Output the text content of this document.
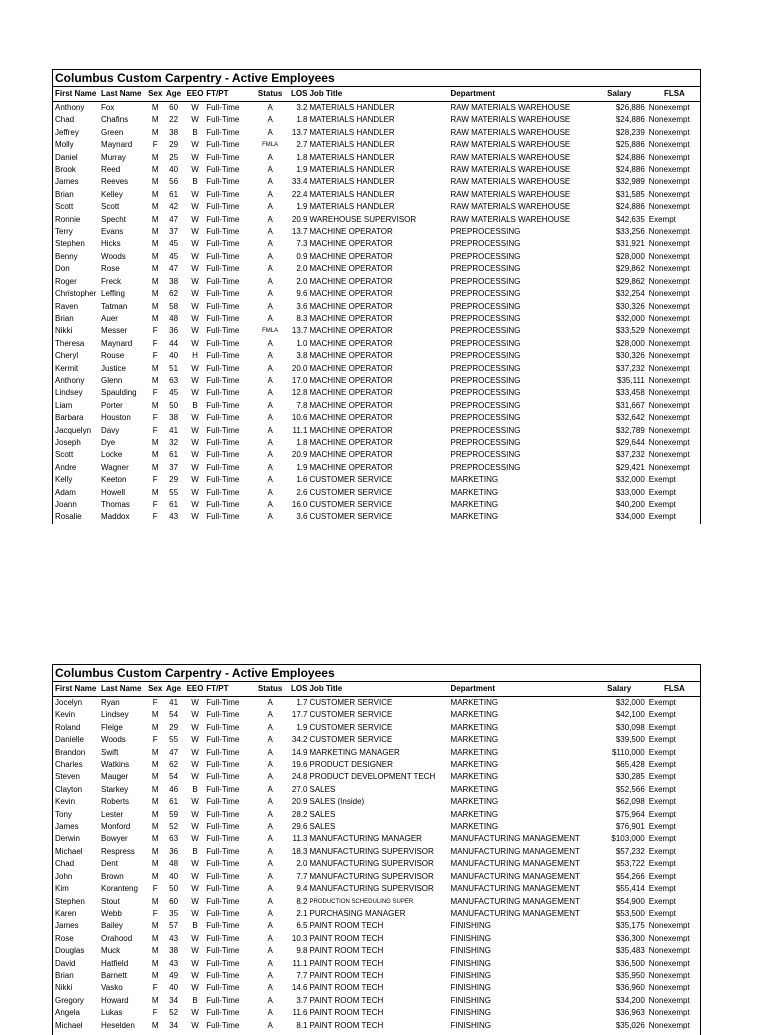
Columbus Custom Carpentry - Active Employees
First Name	Last Name	Sex	Age	EEO	FT/PT	Status	LOS	Job Title	Department	Salary	FLSA
Anthony	Fox	M	60	W	Full-Time	A	3.2	MATERIALS HANDLER	RAW MATERIALS WAREHOUSE	$26,886	Nonexempt
Chad	Chafins	M	22	W	Full-Time	A	1.8	MATERIALS HANDLER	RAW MATERIALS WAREHOUSE	$24,886	Nonexempt
Jeffrey	Green	M	38	B	Full-Time	A	13.7	MATERIALS HANDLER	RAW MATERIALS WAREHOUSE	$28,239	Nonexempt
Molly	Maynard	F	29	W	Full-Time	FMLA	2.7	MATERIALS HANDLER	RAW MATERIALS WAREHOUSE	$25,886	Nonexempt
Daniel	Murray	M	25	W	Full-Time	A	1.8	MATERIALS HANDLER	RAW MATERIALS WAREHOUSE	$24,886	Nonexempt
Brook	Reed	M	40	W	Full-Time	A	1.9	MATERIALS HANDLER	RAW MATERIALS WAREHOUSE	$24,886	Nonexempt
James	Reeves	M	56	B	Full-Time	A	33.4	MATERIALS HANDLER	RAW MATERIALS WAREHOUSE	$32,989	Nonexempt
Brian	Kelley	M	61	W	Full-Time	A	22.4	MATERIALS HANDLER	RAW MATERIALS WAREHOUSE	$31,585	Nonexempt
Scott	Scott	M	42	W	Full-Time	A	1.9	MATERIALS HANDLER	RAW MATERIALS WAREHOUSE	$24,886	Nonexempt
Ronnie	Specht	M	47	W	Full-Time	A	20.9	WAREHOUSE SUPERVISOR	RAW MATERIALS WAREHOUSE	$42,635	Exempt
Terry	Evans	M	37	W	Full-Time	A	13.7	MACHINE OPERATOR	PREPROCESSING	$33,256	Nonexempt
Stephen	Hicks	M	45	W	Full-Time	A	7.3	MACHINE OPERATOR	PREPROCESSING	$31,921	Nonexempt
Benny	Woods	M	45	W	Full-Time	A	0.9	MACHINE OPERATOR	PREPROCESSING	$28,000	Nonexempt
Don	Rose	M	47	W	Full-Time	A	2.0	MACHINE OPERATOR	PREPROCESSING	$29,862	Nonexempt
Roger	Freck	M	38	W	Full-Time	A	2.0	MACHINE OPERATOR	PREPROCESSING	$29,862	Nonexempt
Christopher	Leffing	M	62	W	Full-Time	A	9.6	MACHINE OPERATOR	PREPROCESSING	$32,254	Nonexempt
Raven	Tatman	M	58	W	Full-Time	A	3.6	MACHINE OPERATOR	PREPROCESSING	$30,326	Nonexempt
Brian	Auer	M	48	W	Full-Time	A	8.3	MACHINE OPERATOR	PREPROCESSING	$32,000	Nonexempt
Nikki	Messer	F	36	W	Full-Time	FMLA	13.7	MACHINE OPERATOR	PREPROCESSING	$33,529	Nonexempt
Theresa	Maynard	F	44	W	Full-Time	A	1.0	MACHINE OPERATOR	PREPROCESSING	$28,000	Nonexempt
Cheryl	Rouse	F	40	H	Full-Time	A	3.8	MACHINE OPERATOR	PREPROCESSING	$30,326	Nonexempt
Kermit	Justice	M	51	W	Full-Time	A	20.0	MACHINE OPERATOR	PREPROCESSING	$37,232	Nonexempt
Anthony	Glenn	M	63	W	Full-Time	A	17.0	MACHINE OPERATOR	PREPROCESSING	$35,111	Nonexempt
Lindsey	Spaulding	F	45	W	Full-Time	A	12.8	MACHINE OPERATOR	PREPROCESSING	$33,458	Nonexempt
Liam	Porter	M	50	B	Full-Time	A	7.8	MACHINE OPERATOR	PREPROCESSING	$31,667	Nonexempt
Barbara	Houston	F	38	W	Full-Time	A	10.6	MACHINE OPERATOR	PREPROCESSING	$32,642	Nonexempt
Jacquelyn	Davy	F	41	W	Full-Time	A	11.1	MACHINE OPERATOR	PREPROCESSING	$32,789	Nonexempt
Joseph	Dye	M	32	W	Full-Time	A	1.8	MACHINE OPERATOR	PREPROCESSING	$29,644	Nonexempt
Scott	Locke	M	61	W	Full-Time	A	20.9	MACHINE OPERATOR	PREPROCESSING	$37,232	Nonexempt
Andre	Wagner	M	37	W	Full-Time	A	1.9	MACHINE OPERATOR	PREPROCESSING	$29,421	Nonexempt
Kelly	Keeton	F	29	W	Full-Time	A	1.6	CUSTOMER SERVICE	MARKETING	$32,000	Exempt
Adam	Howell	M	55	W	Full-Time	A	2.6	CUSTOMER SERVICE	MARKETING	$33,000	Exempt
Joann	Thomas	F	61	W	Full-Time	A	16.0	CUSTOMER SERVICE	MARKETING	$40,200	Exempt
Rosalie	Maddox	F	43	W	Full-Time	A	3.6	CUSTOMER SERVICE	MARKETING	$34,000	Exempt
Columbus Custom Carpentry - Active Employees
First Name	Last Name	Sex	Age	EEO	FT/PT	Status	LOS	Job Title	Department	Salary	FLSA
Jocelyn	Ryan	F	41	W	Full-Time	A	1.7	CUSTOMER SERVICE	MARKETING	$32,000	Exempt
Kevin	Lindsey	M	54	W	Full-Time	A	17.7	CUSTOMER SERVICE	MARKETING	$42,100	Exempt
Roland	Fleige	M	29	W	Full-Time	A	1.9	CUSTOMER SERVICE	MARKETING	$30,098	Exempt
Danielle	Woods	F	55	W	Full-Time	A	34.2	CUSTOMER SERVICE	MARKETING	$39,500	Exempt
Brandon	Swift	M	47	W	Full-Time	A	14.9	MARKETING MANAGER	MARKETING	$110,000	Exempt
Charles	Watkins	M	62	W	Full-Time	A	19.6	PRODUCT DESIGNER	MARKETING	$65,428	Exempt
Steven	Mauger	M	54	W	Full-Time	A	24.8	PRODUCT DEVELOPMENT TECH	MARKETING	$30,285	Exempt
Clayton	Starkey	M	46	B	Full-Time	A	27.0	SALES	MARKETING	$52,566	Exempt
Kevin	Roberts	M	61	W	Full-Time	A	20.9	SALES (Inside)	MARKETING	$62,098	Exempt
Tony	Lester	M	59	W	Full-Time	A	28.2	SALES	MARKETING	$75,964	Exempt
James	Monford	M	52	W	Full-Time	A	29.6	SALES	MARKETING	$76,901	Exempt
Derwin	Bowyer	M	63	W	Full-Time	A	11.3	MANUFACTURING MANAGER	MANUFACTURING MANAGEMENT	$103,000	Exempt
Michael	Respress	M	36	B	Full-Time	A	18.3	MANUFACTURING SUPERVISOR	MANUFACTURING MANAGEMENT	$57,232	Exempt
Chad	Dent	M	48	W	Full-Time	A	2.0	MANUFACTURING SUPERVISOR	MANUFACTURING MANAGEMENT	$53,722	Exempt
John	Brown	M	40	W	Full-Time	A	7.7	MANUFACTURING SUPERVISOR	MANUFACTURING MANAGEMENT	$54,266	Exempt
Kim	Koranteng	F	50	W	Full-Time	A	9.4	MANUFACTURING SUPERVISOR	MANUFACTURING MANAGEMENT	$55,414	Exempt
Stephen	Stout	M	60	W	Full-Time	A	8.2	PRODUCTION SCHEDULING SUPER	MANUFACTURING MANAGEMENT	$54,900	Exempt
Karen	Webb	F	35	W	Full-Time	A	2.1	PURCHASING MANAGER	MANUFACTURING MANAGEMENT	$53,500	Exempt
James	Bailey	M	57	B	Full-Time	A	6.5	PAINT ROOM TECH	FINISHING	$35,175	Nonexempt
Rose	Orahood	M	43	W	Full-Time	A	10.3	PAINT ROOM TECH	FINISHING	$36,300	Nonexempt
Douglas	Muck	M	38	W	Full-Time	A	9.8	PAINT ROOM TECH	FINISHING	$35,483	Nonexempt
David	Hatfield	M	43	W	Full-Time	A	11.1	PAINT ROOM TECH	FINISHING	$36,500	Nonexempt
Brian	Barnett	M	49	W	Full-Time	A	7.7	PAINT ROOM TECH	FINISHING	$35,950	Nonexempt
Nikki	Vasko	F	40	W	Full-Time	A	14.6	PAINT ROOM TECH	FINISHING	$36,960	Nonexempt
Gregory	Howard	M	34	B	Full-Time	A	3.7	PAINT ROOM TECH	FINISHING	$34,200	Nonexempt
Angela	Lukas	F	52	W	Full-Time	A	11.6	PAINT ROOM TECH	FINISHING	$36,963	Nonexempt
Michael	Heselden	M	34	W	Full-Time	A	8.1	PAINT ROOM TECH	FINISHING	$35,026	Nonexempt
